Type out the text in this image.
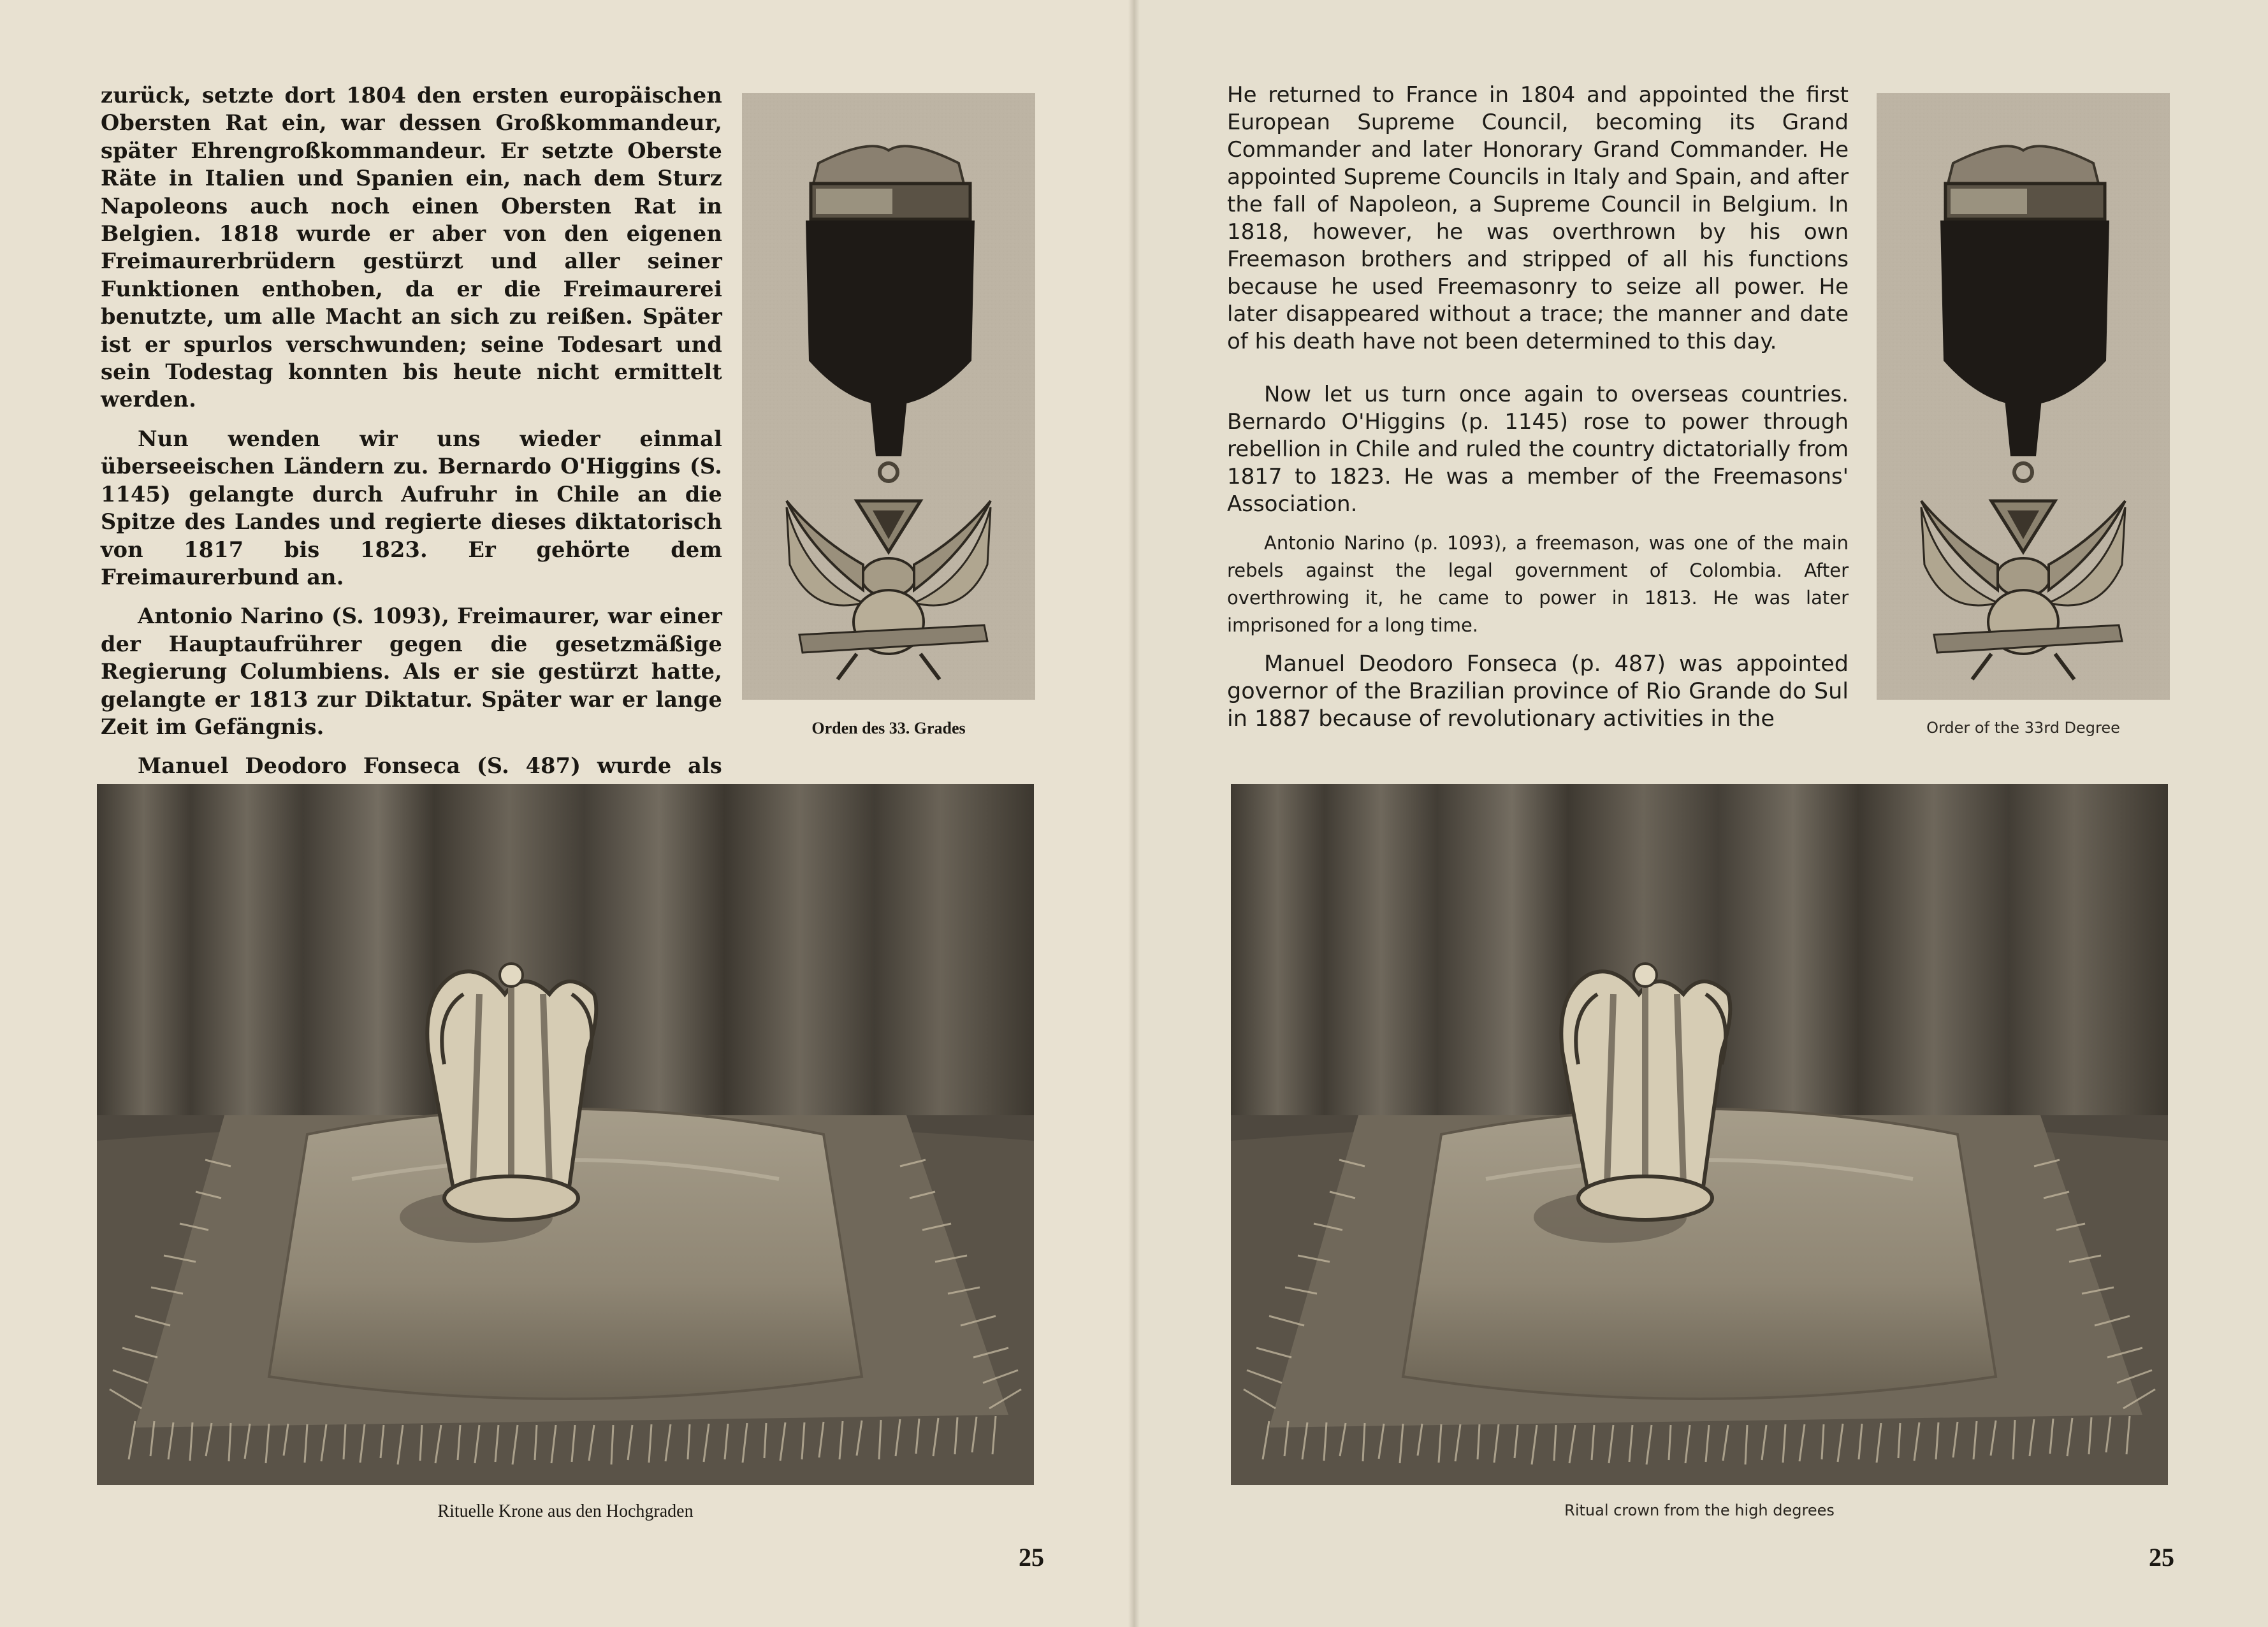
zurück, setzte dort 1804 den ersten europäischen Obersten Rat ein, war dessen Großkommandeur, später Ehrengroßkommandeur. Er setzte Oberste Räte in Italien und Spanien ein, nach dem Sturz Napoleons auch noch einen Obersten Rat in Belgien. 1818 wurde er aber von den eigenen Freimaurerbrüdern gestürzt und aller seiner Funktionen enthoben, da er die Freimaurerei benutzte, um alle Macht an sich zu reißen. Später ist er spurlos verschwunden; seine Todesart und sein Todestag konnten bis heute nicht ermittelt werden.

Nun wenden wir uns wieder einmal überseeischen Ländern zu. Bernardo O'Higgins (S. 1145) gelangte durch Aufruhr in Chile an die Spitze des Landes und regierte dieses diktatorisch von 1817 bis 1823. Er gehörte dem Freimaurerbund an.

Antonio Narino (S. 1093), Freimaurer, war einer der Hauptaufrührer gegen die gesetzmäßige Regierung Columbiens. Als er sie gestürzt hatte, gelangte er 1813 zur Diktatur. Später war er lange Zeit im Gefängnis.

Manuel Deodoro Fonseca (S. 487) wurde als

Orden des 33. Grades
Rituelle Krone aus den Hochgraden
25

He returned to France in 1804 and appointed the first European Supreme Council, becoming its Grand Commander and later Honorary Grand Commander. He appointed Supreme Councils in Italy and Spain, and after the fall of Napoleon, a Supreme Council in Belgium. In 1818, however, he was overthrown by his own Freemason brothers and stripped of all his functions because he used Freemasonry to seize all power. He later disappeared without a trace; the manner and date of his death have not been determined to this day.

Now let us turn once again to overseas countries. Bernardo O'Higgins (p. 1145) rose to power through rebellion in Chile and ruled the country dictatorially from 1817 to 1823. He was a member of the Freemasons' Association.

Antonio Narino (p. 1093), a freemason, was one of the main rebels against the legal government of Colombia. After overthrowing it, he came to power in 1813. He was later imprisoned for a long time.

Manuel Deodoro Fonseca (p. 487) was appointed governor of the Brazilian province of Rio Grande do Sul in 1887 because of revolutionary activities in the	Order of the 33rd Degree
Ritual crown from the high degrees
25
